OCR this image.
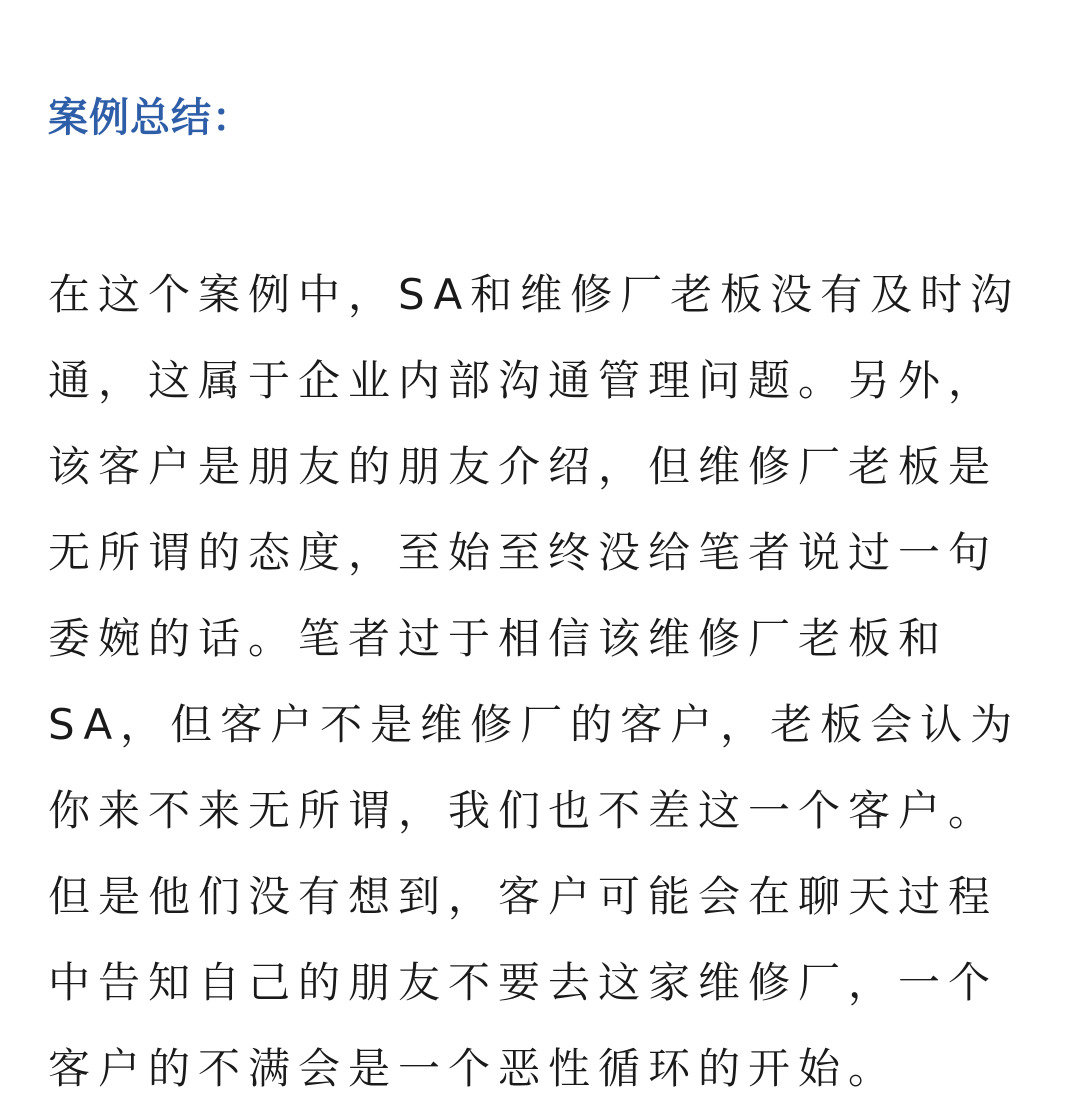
案例总结：
在这个案例中，SA和维修厂老板没有及时沟
通，这属于企业内部沟通管理问题。另外，
该客户是朋友的朋友介绍，但维修厂老板是
无所谓的态度，至始至终没给笔者说过一句
委婉的话。笔者过于相信该维修厂老板和
SA，但客户不是维修厂的客户，老板会认为
你来不来无所谓，我们也不差这一个客户。
但是他们没有想到，客户可能会在聊天过程
中告知自己的朋友不要去这家维修厂，一个
客户的不满会是一个恶性循环的开始。
